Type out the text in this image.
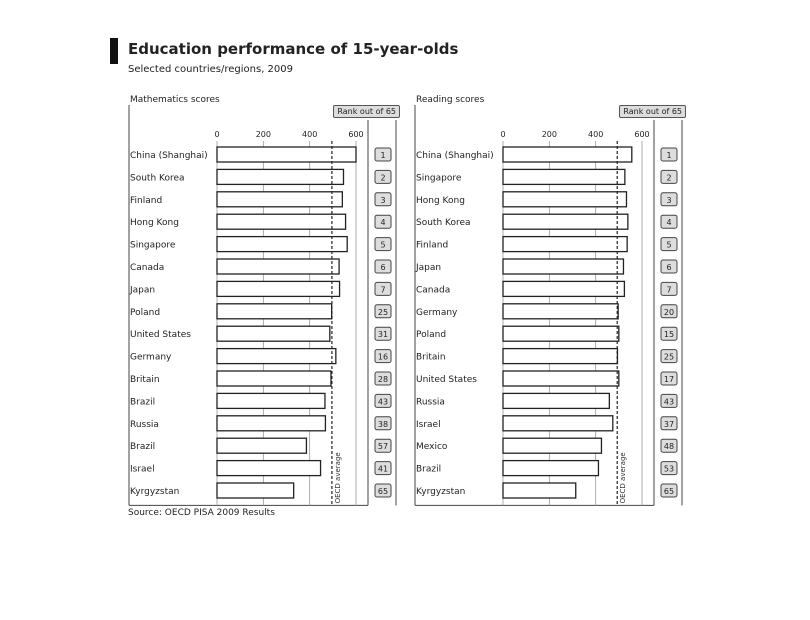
Education performance of 15-year-olds
Selected countries/regions, 2009
0	200	400	600
China (Shanghai)	1
South Korea	2
Finland	3
Hong Kong	4
Singapore	5
Canada	6
Japan	7
Poland	25
United States	31
Germany	16
Britain	28
Brazil	43
Russia	38
Brazil	57
Israel	41
Kyrgyzstan	65
OECD average
Mathematics scores
Rank out of 65
0	200	400	600
China (Shanghai)	1
Singapore	2
Hong Kong	3
South Korea	4
Finland	5
Japan	6
Canada	7
Germany	20
Poland	15
Britain	25
United States	17
Russia	43
Israel	37
Mexico	48
Brazil	53
Kyrgyzstan	65
OECD average
Reading scores
Rank out of 65
Source: OECD PISA 2009 Results
